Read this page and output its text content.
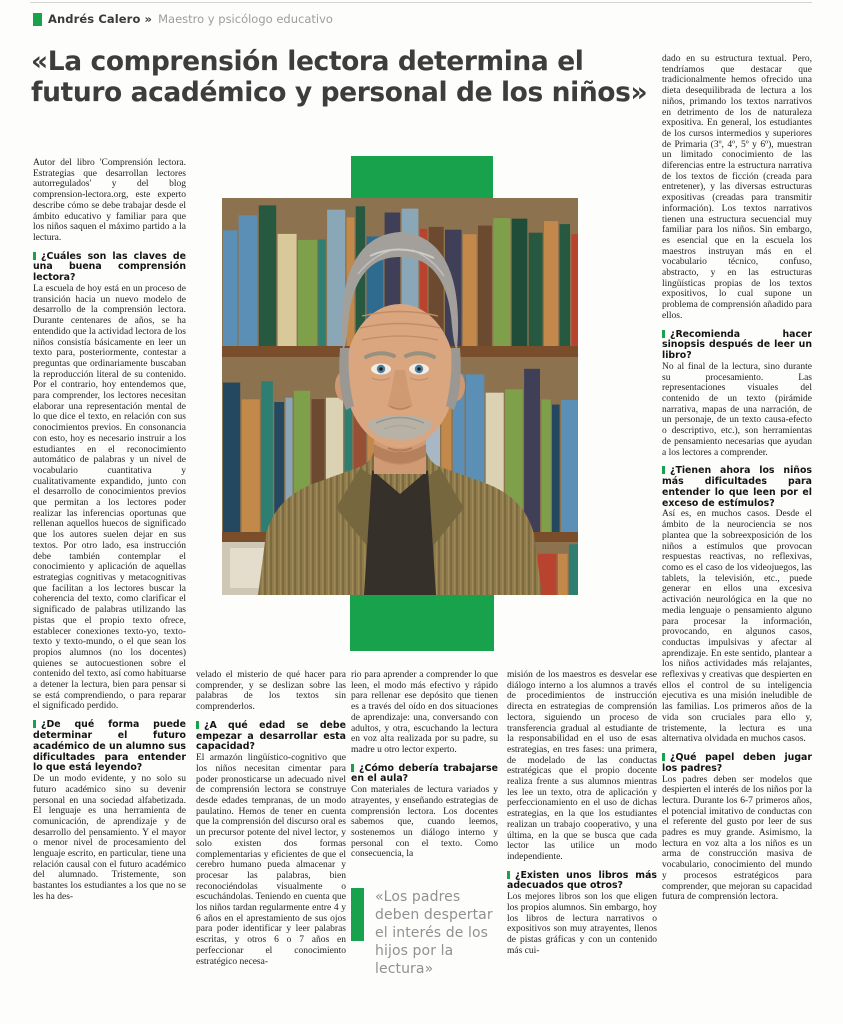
Andrés Calero » Maestro y psicólogo educativo
«La comprensión lectora determina el futuro académico y personal de los niños»

Autor del libro 'Comprensión lectora. Estrategias que desarrollan lectores autorregulados' y del blog comprension-lectora.org, este experto describe cómo se debe trabajar desde el ámbito educativo y familiar para que los niños saquen el máximo partido a la lectura.

¿Cuáles son las claves de una buena comprensión lectora?

La escuela de hoy está en un proceso de transición hacia un nuevo modelo de desarrollo de la comprensión lectora. Durante centenares de años, se ha entendido que la actividad lectora de los niños consistía básicamente en leer un texto para, posteriormente, contestar a preguntas que ordinariamente buscaban la reproducción literal de su contenido. Por el contrario, hoy entendemos que, para comprender, los lectores necesitan elaborar una representación mental de lo que dice el texto, en relación con sus conocimientos previos. En consonancia con esto, hoy es necesario instruir a los estudiantes en el reconocimiento automático de palabras y un nivel de vocabulario cuantitativa y cualitativamente expandido, junto con el desarrollo de conocimientos previos que permitan a los lectores poder realizar las inferencias oportunas que rellenan aquellos huecos de significado que los autores suelen dejar en sus textos. Por otro lado, esa instrucción debe también contemplar el conocimiento y aplicación de aquellas estrategias cognitivas y metacognitivas que facilitan a los lectores buscar la coherencia del texto, como clarificar el significado de palabras utilizando las pistas que el propio texto ofrece, establecer conexiones texto-yo, texto-texto y texto-mundo, o el que sean los propios alumnos (no los docentes) quienes se autocuestionen sobre el contenido del texto, así como habituarse a detener la lectura, bien para pensar si se está comprendiendo, o para reparar el significado perdido.

¿De qué forma puede determinar el futuro académico de un alumno sus dificultades para entender lo que está leyendo?

De un modo evidente, y no solo su futuro académico sino su devenir personal en una sociedad alfabetizada. El lenguaje es una herramienta de comunicación, de aprendizaje y de desarrollo del pensamiento. Y el mayor o menor nivel de procesamiento del lenguaje escrito, en particular, tiene una relación causal con el futuro académico del alumnado. Tristemente, son bastantes los estudiantes a los que no se les ha des-

velado el misterio de qué hacer para comprender, y se deslizan sobre las palabras de los textos sin comprenderlos.

¿A qué edad se debe empezar a desarrollar esta capacidad?

El armazón lingüístico-cognitivo que los niños necesitan cimentar para poder pronosticarse un adecuado nivel de comprensión lectora se construye desde edades tempranas, de un modo paulatino. Hemos de tener en cuenta que la comprensión del discurso oral es un precursor potente del nivel lector, y solo existen dos formas complementarias y eficientes de que el cerebro humano pueda almacenar y procesar las palabras, bien reconociéndolas visualmente o escuchándolas. Teniendo en cuenta que los niños tardan regularmente entre 4 y 6 años en el aprestamiento de sus ojos para poder identificar y leer palabras escritas, y otros 6 o 7 años en perfeccionar el conocimiento estratégico necesa-

rio para aprender a comprender lo que leen, el modo más efectivo y rápido para rellenar ese depósito que tienen es a través del oído en dos situaciones de aprendizaje: una, conversando con adultos, y otra, escuchando la lectura en voz alta realizada por su padre, su madre u otro lector experto.

¿Cómo debería trabajarse en el aula?

Con materiales de lectura variados y atrayentes, y enseñando estrategias de comprensión lectora. Los docentes sabemos que, cuando leemos, sostenemos un diálogo interno y personal con el texto. Como consecuencia, la

«Los padres deben despertar el interés de los hijos por la lectura»

misión de los maestros es desvelar ese diálogo interno a los alumnos a través de procedimientos de instrucción directa en estrategias de comprensión lectora, siguiendo un proceso de transferencia gradual al estudiante de la responsabilidad en el uso de esas estrategias, en tres fases: una primera, de modelado de las conductas estratégicas que el propio docente realiza frente a sus alumnos mientras les lee un texto, otra de aplicación y perfeccionamiento en el uso de dichas estrategias, en la que los estudiantes realizan un trabajo cooperativo, y una última, en la que se busca que cada lector las utilice un modo independiente.

¿Existen unos libros más adecuados que otros?

Los mejores libros son los que eligen los propios alumnos. Sin embargo, hoy los libros de lectura narrativos o expositivos son muy atrayentes, llenos de pistas gráficas y con un contenido más cui-

dado en su estructura textual. Pero, tendríamos que destacar que tradicionalmente hemos ofrecido una dieta desequilibrada de lectura a los niños, primando los textos narrativos en detrimento de los de naturaleza expositiva. En general, los estudiantes de los cursos intermedios y superiores de Primaria (3º, 4º, 5º y 6º), muestran un limitado conocimiento de las diferencias entre la estructura narrativa de los textos de ficción (creada para entretener), y las diversas estructuras expositivas (creadas para transmitir información). Los textos narrativos tienen una estructura secuencial muy familiar para los niños. Sin embargo, es esencial que en la escuela los maestros instruyan más en el vocabulario técnico, confuso, abstracto, y en las estructuras lingüísticas propias de los textos expositivos, lo cual supone un problema de comprensión añadido para ellos.

¿Recomienda hacer sinopsis después de leer un libro?

No al final de la lectura, sino durante su procesamiento. Las representaciones visuales del contenido de un texto (pirámide narrativa, mapas de una narración, de un personaje, de un texto causa-efecto o descriptivo, etc.), son herramientas de pensamiento necesarias que ayudan a los lectores a comprender.

¿Tienen ahora los niños más dificultades para entender lo que leen por el exceso de estímulos?

Así es, en muchos casos. Desde el ámbito de la neurociencia se nos plantea que la sobreexposición de los niños a estímulos que provocan respuestas reactivas, no reflexivas, como es el caso de los videojuegos, las tablets, la televisión, etc., puede generar en ellos una excesiva activación neurológica en la que no media lenguaje o pensamiento alguno para procesar la información, provocando, en algunos casos, conductas impulsivas y afectar al aprendizaje. En este sentido, plantear a los niños actividades más relajantes, reflexivas y creativas que despierten en ellos el control de su inteligencia ejecutiva es una misión ineludible de las familias. Los primeros años de la vida son cruciales para ello y, tristemente, la lectura es una alternativa olvidada en muchos casos.

¿Qué papel deben jugar los padres?

Los padres deben ser modelos que despierten el interés de los niños por la lectura. Durante los 6-7 primeros años, el potencial imitativo de conductas con el referente del gusto por leer de sus padres es muy grande. Asimismo, la lectura en voz alta a los niños es un arma de construcción masiva de vocabulario, conocimiento del mundo y procesos estratégicos para comprender, que mejoran su capacidad futura de comprensión lectora.
